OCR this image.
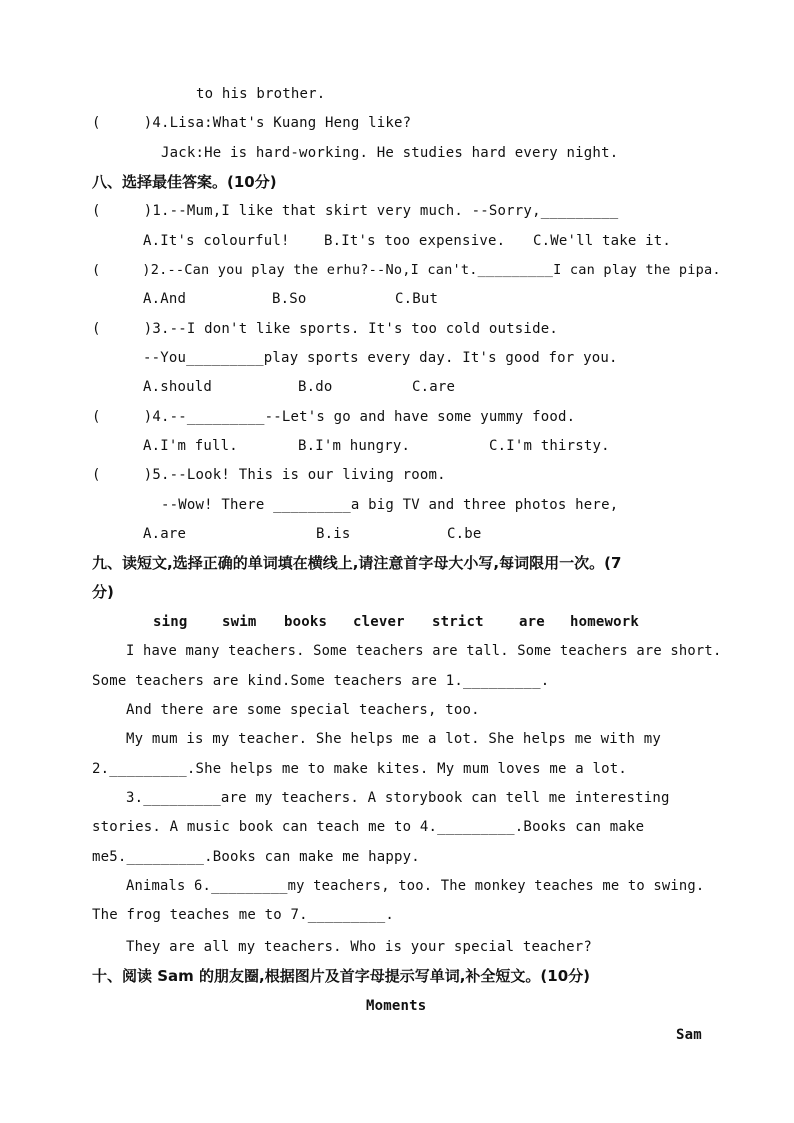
to his brother.
(     )4.Lisa:What's Kuang Heng like?
Jack:He is hard-working. He studies hard every night.
八、选择最佳答案。(10分)
(     )1.--Mum,I like that skirt very much. --Sorry,_________
A.It's colourful! B.It's too expensive. C.We'll take it.
(     )2.--Can you play the erhu?--No,I can't._________I can play the pipa.
A.And	B.So	C.But
(     )3.--I don't like sports. It's too cold outside.
--You_________play sports every day. It's good for you.
A.should	B.do	C.are
(     )4.--_________--Let's go and have some yummy food.
A.I'm full.	B.I'm hungry.	C.I'm thirsty.
(     )5.--Look! This is our living room.
--Wow! There _________a big TV and three photos here,
A.are	B.is	C.be
九、读短文,选择正确的单词填在横线上,请注意首字母大小写,每词限用一次。(7
分)
sing swim books clever strict	are homework
I have many teachers. Some teachers are tall. Some teachers are short.
Some teachers are kind.Some teachers are 1._________.
And there are some special teachers, too.
My mum is my teacher. She helps me a lot. She helps me with my
2._________.She helps me to make kites. My mum loves me a lot.
3._________are my teachers. A storybook can tell me interesting
stories. A music book can teach me to 4._________.Books can make
me5._________.Books can make me happy.
Animals 6._________my teachers, too. The monkey teaches me to swing.
The frog teaches me to 7._________.
They are all my teachers. Who is your special teacher?
十、阅读 Sam 的朋友圈,根据图片及首字母提示写单词,补全短文。(10分)
Moments
Sam
